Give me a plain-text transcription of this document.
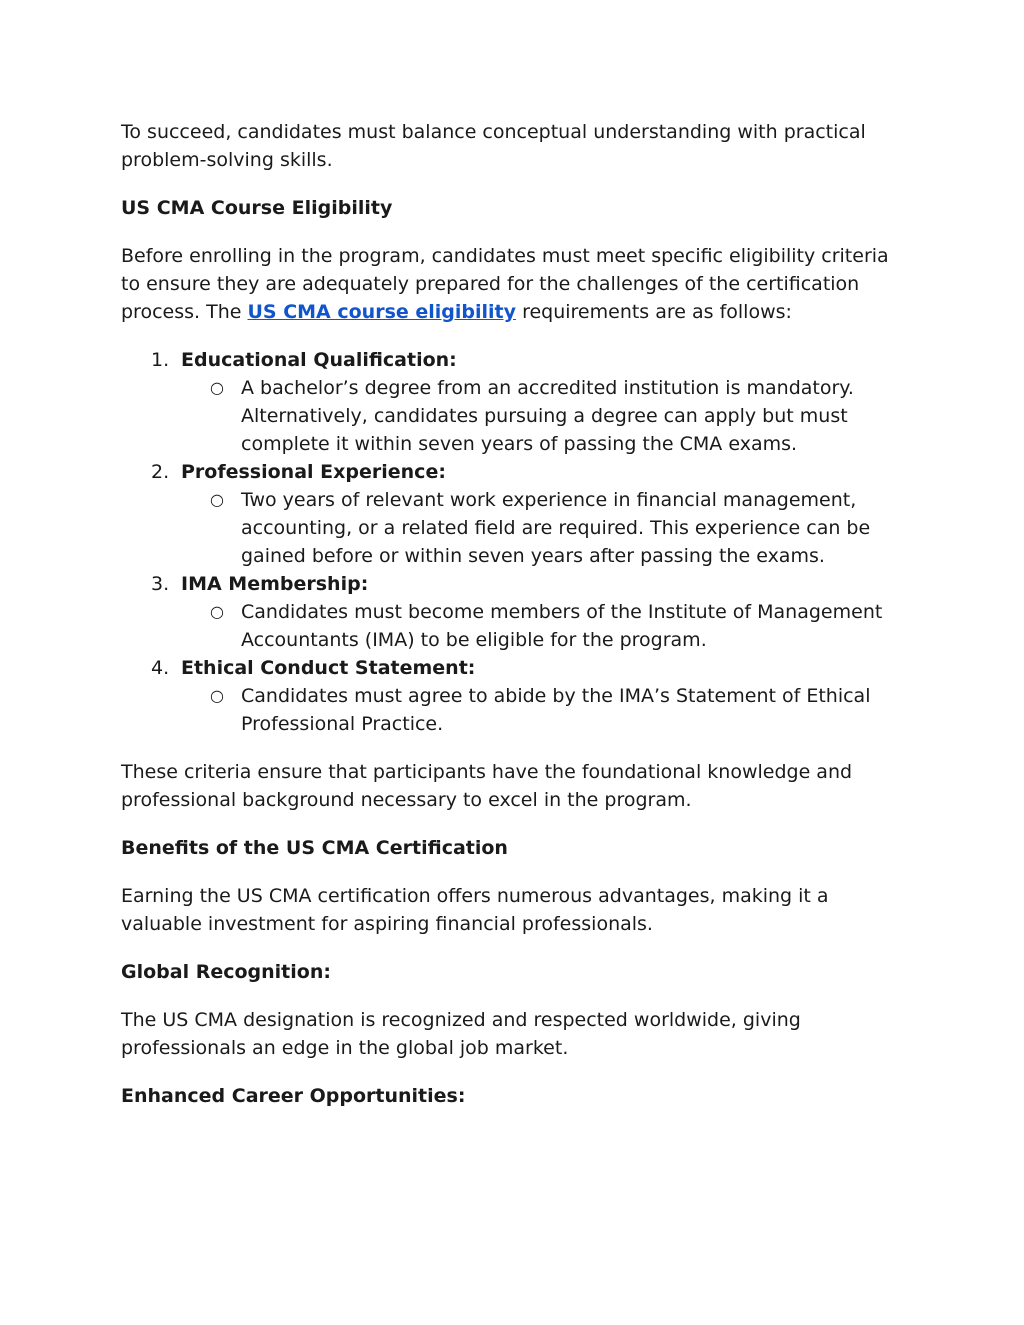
To succeed, candidates must balance conceptual understanding with practical problem-solving skills.

US CMA Course Eligibility

Before enrolling in the program, candidates must meet specific eligibility criteria to ensure they are adequately prepared for the challenges of the certification process. The US CMA course eligibility requirements are as follows:

1. Educational Qualification:
○ A bachelor’s degree from an accredited institution is mandatory. Alternatively, candidates pursuing a degree can apply but must complete it within seven years of passing the CMA exams.
2. Professional Experience:
○ Two years of relevant work experience in financial management, accounting, or a related field are required. This experience can be gained before or within seven years after passing the exams.
3. IMA Membership:
○ Candidates must become members of the Institute of Management Accountants (IMA) to be eligible for the program.
4. Ethical Conduct Statement:
○ Candidates must agree to abide by the IMA’s Statement of Ethical Professional Practice.

These criteria ensure that participants have the foundational knowledge and professional background necessary to excel in the program.

Benefits of the US CMA Certification

Earning the US CMA certification offers numerous advantages, making it a valuable investment for aspiring financial professionals.

Global Recognition:

The US CMA designation is recognized and respected worldwide, giving professionals an edge in the global job market.

Enhanced Career Opportunities:
